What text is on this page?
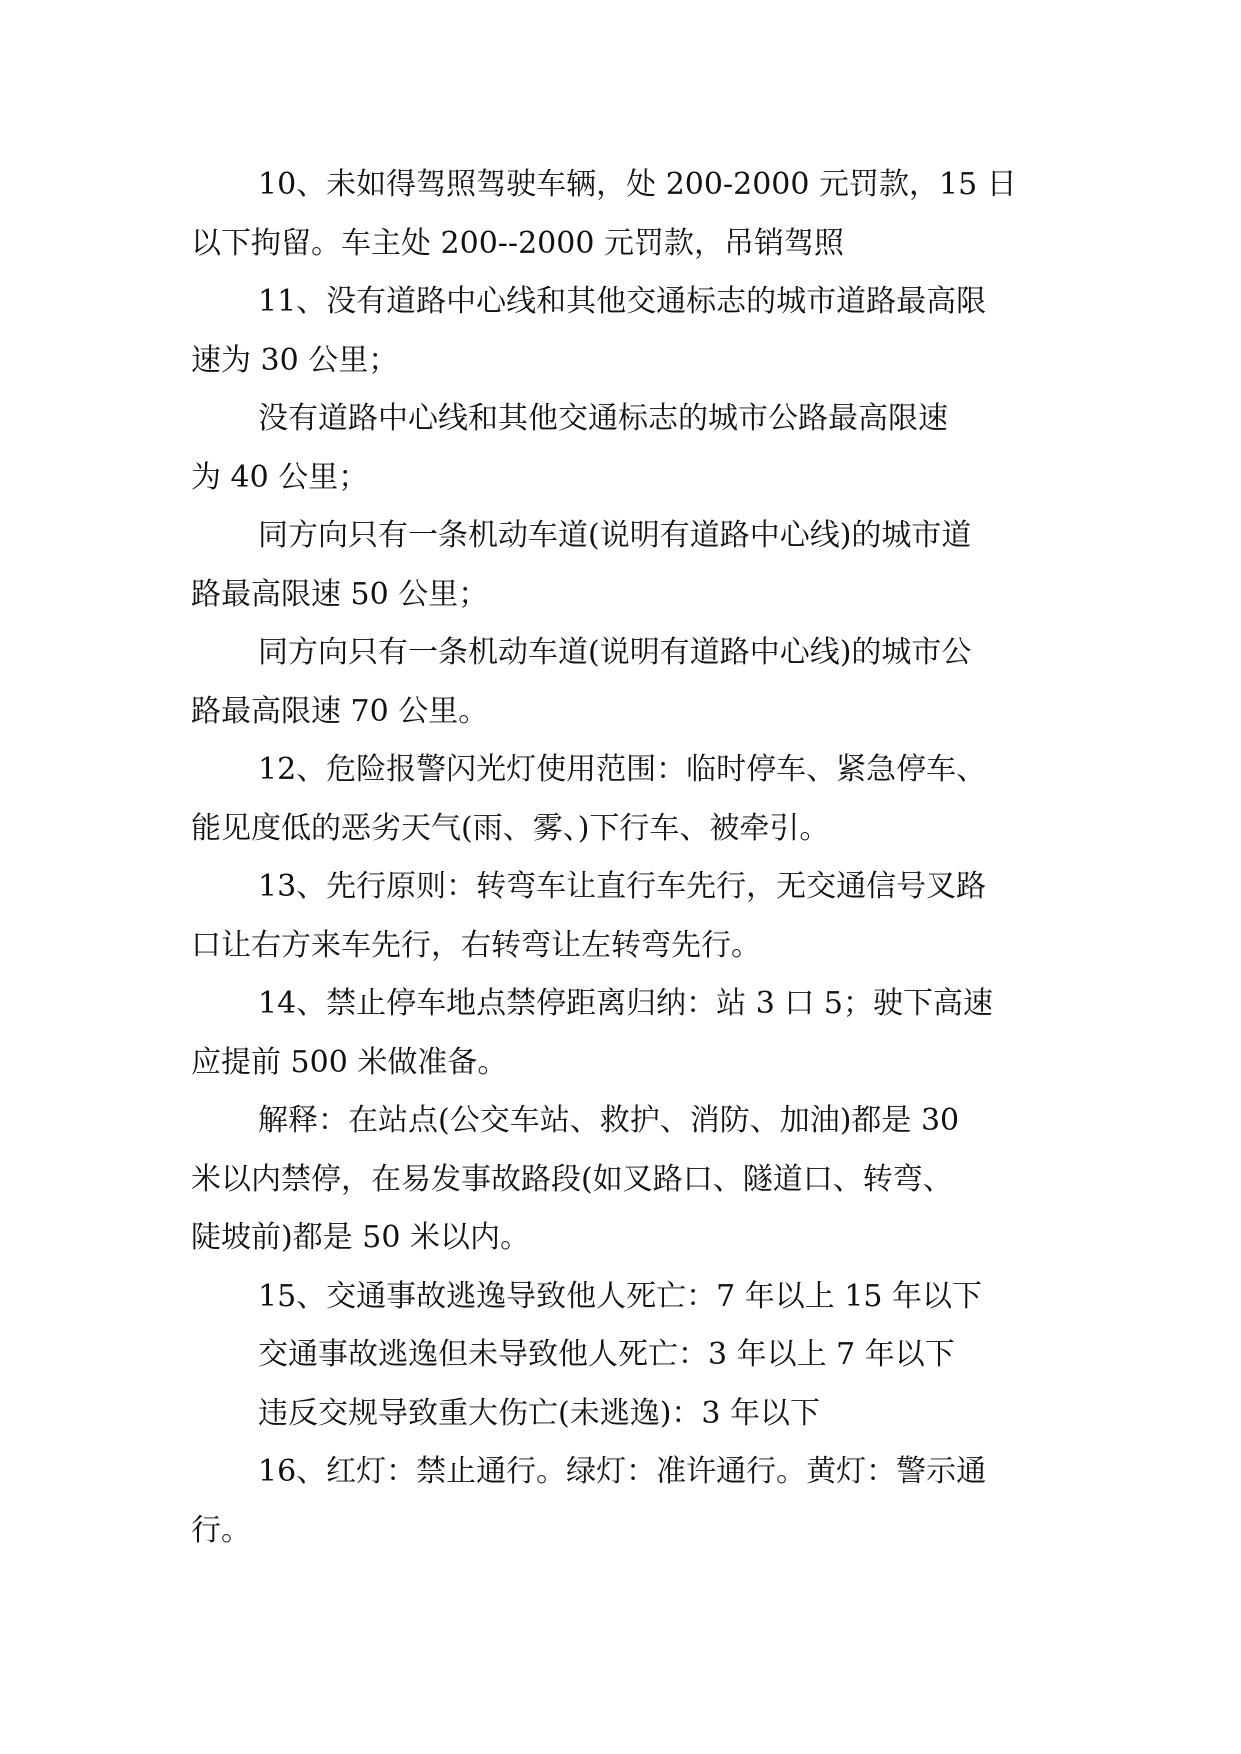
10、未如得驾照驾驶车辆，处 200-2000 元罚款，15 日
以下拘留。车主处 200--2000 元罚款，吊销驾照
11、没有道路中心线和其他交通标志的城市道路最高限
速为 30 公里；
没有道路中心线和其他交通标志的城市公路最高限速
为 40 公里；
同方向只有一条机动车道(说明有道路中心线)的城市道
路最高限速 50 公里；
同方向只有一条机动车道(说明有道路中心线)的城市公
路最高限速 70 公里。
12、危险报警闪光灯使用范围：临时停车、紧急停车、
能见度低的恶劣天气(雨、雾、)下行车、被牵引。
13、先行原则：转弯车让直行车先行，无交通信号叉路
口让右方来车先行，右转弯让左转弯先行。
14、禁止停车地点禁停距离归纳：站 3 口 5；驶下高速
应提前 500 米做准备。
解释：在站点(公交车站、救护、消防、加油)都是 30
米以内禁停，在易发事故路段(如叉路口、隧道口、转弯、
陡坡前)都是 50 米以内。
15、交通事故逃逸导致他人死亡：7 年以上 15 年以下
交通事故逃逸但未导致他人死亡：3 年以上 7 年以下
违反交规导致重大伤亡(未逃逸)：3 年以下
16、红灯：禁止通行。绿灯：准许通行。黄灯：警示通
行。
